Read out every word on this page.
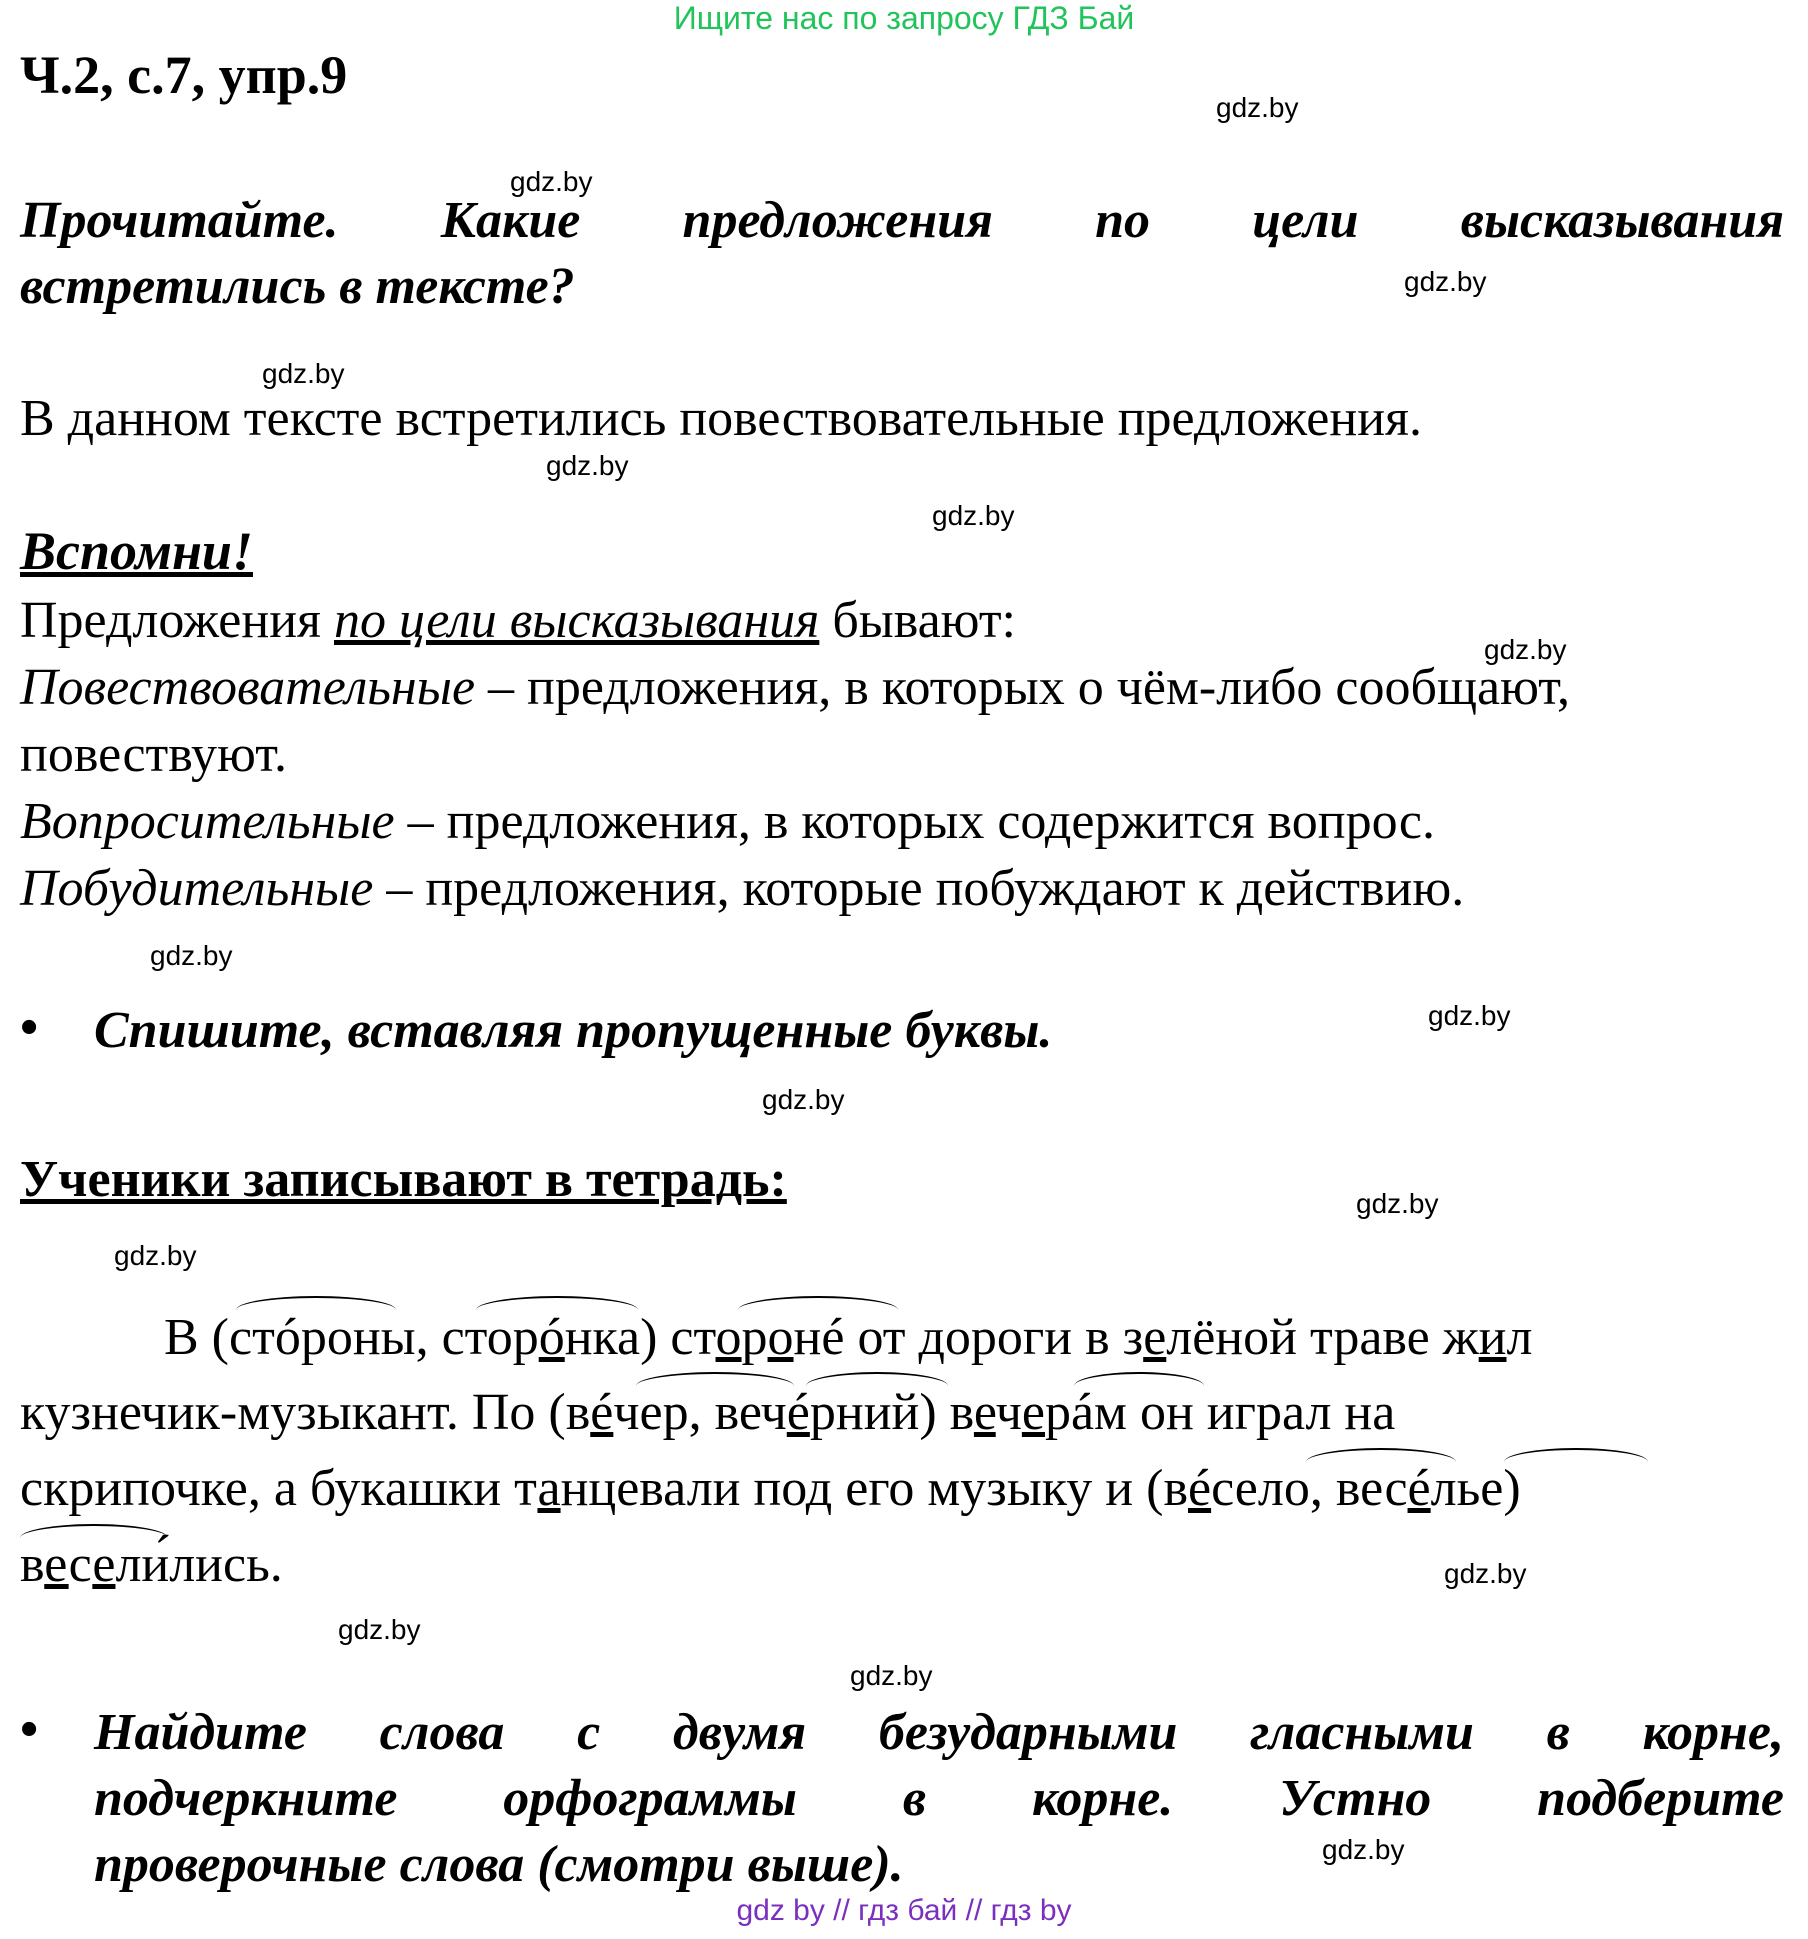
Ищите нас по запросу ГДЗ Бай
Ч.2, с.7, упр.9
Прочитайте. Какие предложения по цели высказывания
встретились в тексте?
В данном тексте встретились повествовательные предложения.
Вспомни!
Предложения по цели высказывания бывают:
Повествовательные – предложения, в которых о чём-либо сообщают,
повествуют.
Вопросительные – предложения, в которых содержится вопрос.
Побудительные – предложения, которые побуждают к действию.
• Спишите, вставляя пропущенные буквы.
Ученики записывают в тетрадь:
В (стóроны, сторóнка) сторонé от дороги в зелёной траве жил
кузнечик-музыкант. По (вéчер, вечéрний) вечерáм он играл на
скрипочке, а букашки танцевали под его музыку и (вéсело, весéлье)
весели́лись.
• Найдите слова с двумя безударными гласными в корне,
подчеркните орфограммы в корне. Устно подберите
проверочные слова (смотри выше).
gdz.by
gdz.by
gdz.by
gdz.by
gdz.by
gdz.by
gdz.by
gdz.by
gdz.by
gdz.by
gdz.by
gdz.by
gdz.by
gdz.by
gdz.by
gdz.by
gdz by // гдз бай // гдз by
